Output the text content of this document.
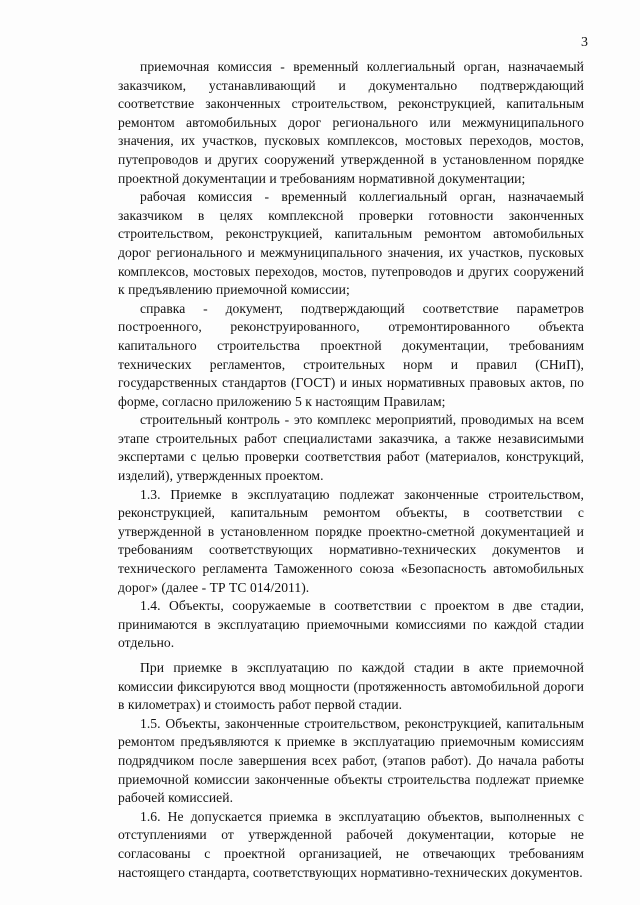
3

приемочная комиссия - временный коллегиальный орган, назначаемый заказчиком, устанавливающий и документально подтверждающий соответствие законченных строительством, реконструкцией, капитальным ремонтом автомобильных дорог регионального или межмуниципального значения, их участков, пусковых комплексов, мостовых переходов, мостов, путепроводов и других сооружений утвержденной в установленном порядке проектной документации и требованиям нормативной документации;

рабочая комиссия - временный коллегиальный орган, назначаемый заказчиком в целях комплексной проверки готовности законченных строительством, реконструкцией, капитальным ремонтом автомобильных дорог регионального и межмуниципального значения, их участков, пусковых комплексов, мостовых переходов, мостов, путепроводов и других сооружений к предъявлению приемочной комиссии;

справка - документ, подтверждающий соответствие параметров построенного, реконструированного, отремонтированного объекта капитального строительства проектной документации, требованиям технических регламентов, строительных норм и правил (СНиП), государственных стандартов (ГОСТ) и иных нормативных правовых актов, по форме, согласно приложению 5 к настоящим Правилам;

строительный контроль - это комплекс мероприятий, проводимых на всем этапе строительных работ специалистами заказчика, а также независимыми экспертами с целью проверки соответствия работ (материалов, конструкций, изделий), утвержденных проектом.

1.3. Приемке в эксплуатацию подлежат законченные строительством, реконструкцией, капитальным ремонтом объекты, в соответствии с утвержденной в установленном порядке проектно-сметной документацией и требованиям соответствующих нормативно-технических документов и технического регламента Таможенного союза «Безопасность автомобильных дорог» (далее - ТР ТС 014/2011).

1.4. Объекты, сооружаемые в соответствии с проектом в две стадии, принимаются в эксплуатацию приемочными комиссиями по каждой стадии отдельно.

При приемке в эксплуатацию по каждой стадии в акте приемочной комиссии фиксируются ввод мощности (протяженность автомобильной дороги в километрах) и стоимость работ первой стадии.

1.5. Объекты, законченные строительством, реконструкцией, капитальным ремонтом предъявляются к приемке в эксплуатацию приемочным комиссиям подрядчиком после завершения всех работ, (этапов работ). До начала работы приемочной комиссии законченные объекты строительства подлежат приемке рабочей комиссией.

1.6. Не допускается приемка в эксплуатацию объектов, выполненных с отступлениями от утвержденной рабочей документации, которые не согласованы с проектной организацией, не отвечающих требованиям настоящего стандарта, соответствующих нормативно-технических документов.
